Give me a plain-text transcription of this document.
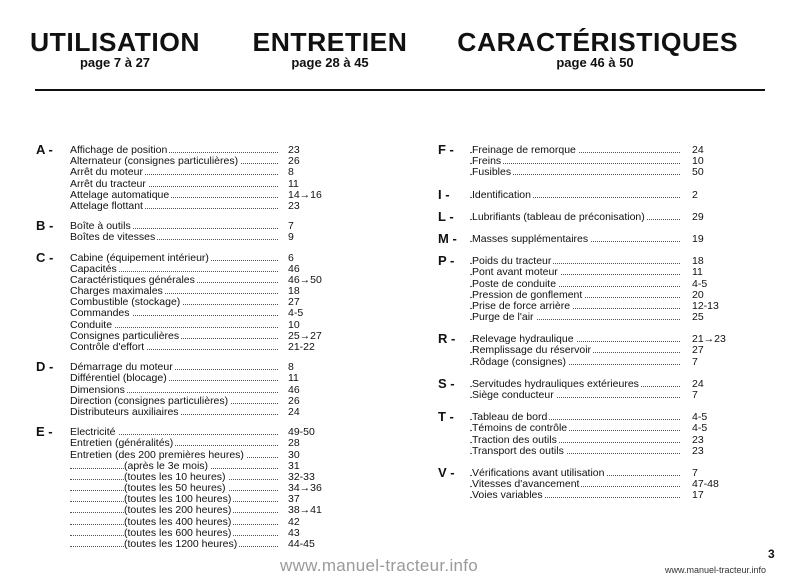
UTILISATION
page 7 à 27
ENTRETIEN
page 28 à 45
CARACTÉRISTIQUES
page 46 à 50
A - Affichage de position	23
Alternateur (consignes particulières)	26
Arrêt du moteur	8
Arrêt du tracteur	11
Attelage automatique	14→16
Attelage flottant	23
B - Boîte à outils	7
Boîtes de vitesses	9
C - Cabine (équipement intérieur)	6
Capacités	46
Caractéristiques générales	46→50
Charges maximales	18
Combustible (stockage)	27
Commandes	4-5
Conduite	10
Consignes particulières	25→27
Contrôle d'effort	21-22
D - Démarrage du moteur	8
Différentiel (blocage)	11
Dimensions	46
Direction (consignes particulières)	26
Distributeurs auxiliaires	24
E - Electricité	49-50
Entretien (généralités)	28
Entretien (des 200 premières heures)	30
(après le 3e mois)	31
(toutes les 10 heures)	32-33
(toutes les 50 heures)	34→36
(toutes les 100 heures)	37
(toutes les 200 heures)	38→41
(toutes les 400 heures)	42
(toutes les 600 heures)	43
(toutes les 1200 heures)	44-45
F - Freinage de remorque	24
Freins	10
Fusibles	50
I - Identification	2
L - Lubrifiants (tableau de préconisation)	29
M - Masses supplémentaires	19
P - Poids du tracteur	18
Pont avant moteur	11
Poste de conduite	4-5
Pression de gonflement	20
Prise de force arrière	12-13
Purge de l'air	25
R - Relevage hydraulique	21→23
Remplissage du réservoir	27
Rôdage (consignes)	7
S - Servitudes hydrauliques extérieures	24
Siège conducteur	7
T - Tableau de bord	4-5
Témoins de contrôle	4-5
Traction des outils	23
Transport des outils	23
V - Vérifications avant utilisation	7
Vitesses d'avancement	47-48
Voies variables	17
www.manuel-tracteur.info
3
www.manuel-tracteur.info
